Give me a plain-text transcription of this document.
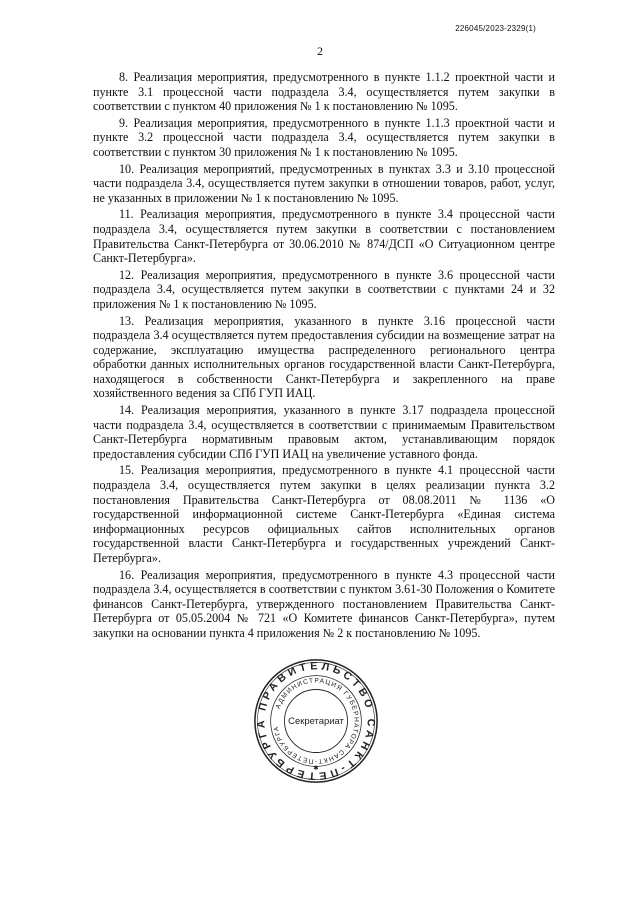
226045/2023-2329(1)
2

8. Реализация мероприятия, предусмотренного в пункте 1.1.2 проектной части и пункте 3.1 процессной части подраздела 3.4, осуществляется путем закупки в соответствии с пунктом 40 приложения № 1 к постановлению № 1095.

9. Реализация мероприятия, предусмотренного в пункте 1.1.3 проектной части и пункте 3.2 процессной части подраздела 3.4, осуществляется путем закупки в соответствии с пунктом 30 приложения № 1 к постановлению № 1095.

10. Реализация мероприятий, предусмотренных в пунктах 3.3 и 3.10 процессной части подраздела 3.4, осуществляется путем закупки в отношении товаров, работ, услуг, не указанных в приложении № 1 к постановлению № 1095.

11. Реализация мероприятия, предусмотренного в пункте 3.4 процессной части подраздела 3.4, осуществляется путем закупки в соответствии с постановлением Правительства Санкт-Петербурга от 30.06.2010 № 874/ДСП «О Ситуационном центре Санкт-Петербурга».

12. Реализация мероприятия, предусмотренного в пункте 3.6 процессной части подраздела 3.4, осуществляется путем закупки в соответствии с пунктами 24 и 32 приложения № 1 к постановлению № 1095.

13. Реализация мероприятия, указанного в пункте 3.16 процессной части подраздела 3.4 осуществляется путем предоставления субсидии на возмещение затрат на содержание, эксплуатацию имущества распределенного регионального центра обработки данных исполнительных органов государственной власти Санкт-Петербурга, находящегося в собственности Санкт-Петербурга и закрепленного на праве хозяйственного ведения за СПб ГУП ИАЦ.

14. Реализация мероприятия, указанного в пункте 3.17 подраздела процессной части подраздела 3.4, осуществляется в соответствии с принимаемым Правительством Санкт-Петербурга нормативным правовым актом, устанавливающим порядок предоставления субсидии СПб ГУП ИАЦ на увеличение уставного фонда.

15. Реализация мероприятия, предусмотренного в пункте 4.1 процессной части подраздела 3.4, осуществляется путем закупки в целях реализации пункта 3.2 постановления Правительства Санкт-Петербурга от 08.08.2011 № 1136 «О государственной информационной системе Санкт-Петербурга «Единая система информационных ресурсов официальных сайтов исполнительных органов государственной власти Санкт-Петербурга и государственных учреждений Санкт-Петербурга».

16. Реализация мероприятия, предусмотренного в пункте 4.3 процессной части подраздела 3.4, осуществляется в соответствии с пунктом 3.61-30 Положения о Комитете финансов Санкт-Петербурга, утвержденного постановлением Правительства Санкт-Петербурга от 05.05.2004 № 721 «О Комитете финансов Санкт-Петербурга», путем закупки на основании пункта 4 приложения № 2 к постановлению № 1095.

ПРАВИТЕЛЬСТВО САНКТ-ПЕТЕРБУРГА
АДМИНИСТРАЦИЯ ГУБЕРНАТОРА САНКТ-ПЕТЕРБУРГА
Секретариат
✱
